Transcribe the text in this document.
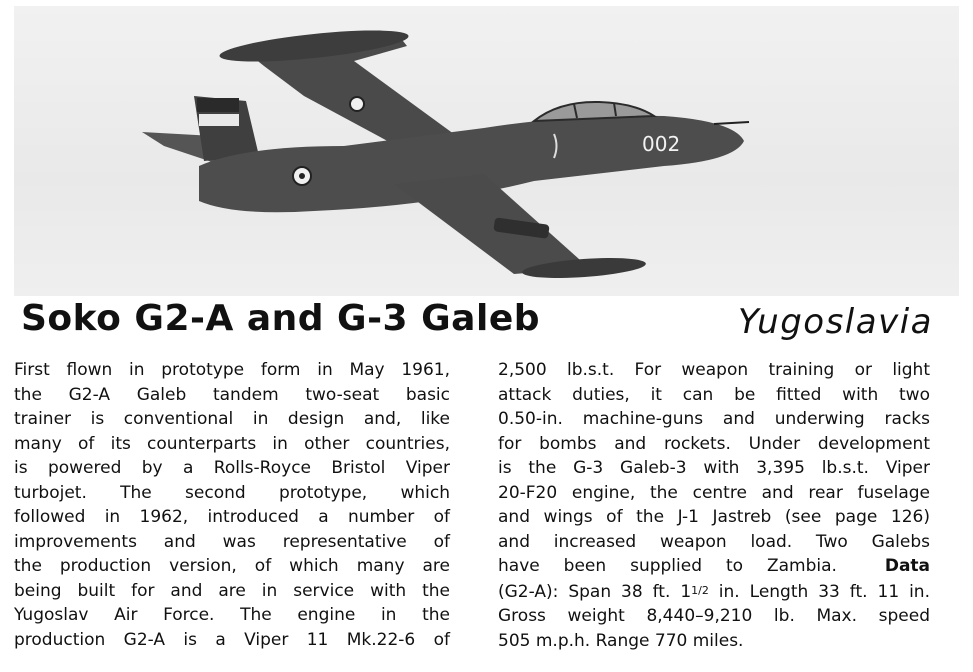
002
Soko G2-A and G-3 Galeb	Yugoslavia
First flown in prototype form in May 1961,
the G2-A Galeb tandem two-seat basic
trainer is conventional in design and, like
many of its counterparts in other countries,
is powered by a Rolls-Royce Bristol Viper
turbojet. The second prototype, which
followed in 1962, introduced a number of
improvements and was representative of
the production version, of which many are
being built for and are in service with the
Yugoslav Air Force. The engine in the
production G2-A is a Viper 11 Mk.22-6 of
2,500 lb.s.t. For weapon training or light
attack duties, it can be fitted with two
0.50-in. machine-guns and underwing racks
for bombs and rockets. Under development
is the G-3 Galeb-3 with 3,395 lb.s.t. Viper
20-F20 engine, the centre and rear fuselage
and wings of the J-1 Jastreb (see page 126)
and increased weapon load. Two Galebs
have been supplied to Zambia.	Data
(G2-A): Span 38 ft. 11/2 in. Length 33 ft. 11 in.
Gross weight 8,440–9,210 lb. Max. speed
505 m.p.h. Range 770 miles.
